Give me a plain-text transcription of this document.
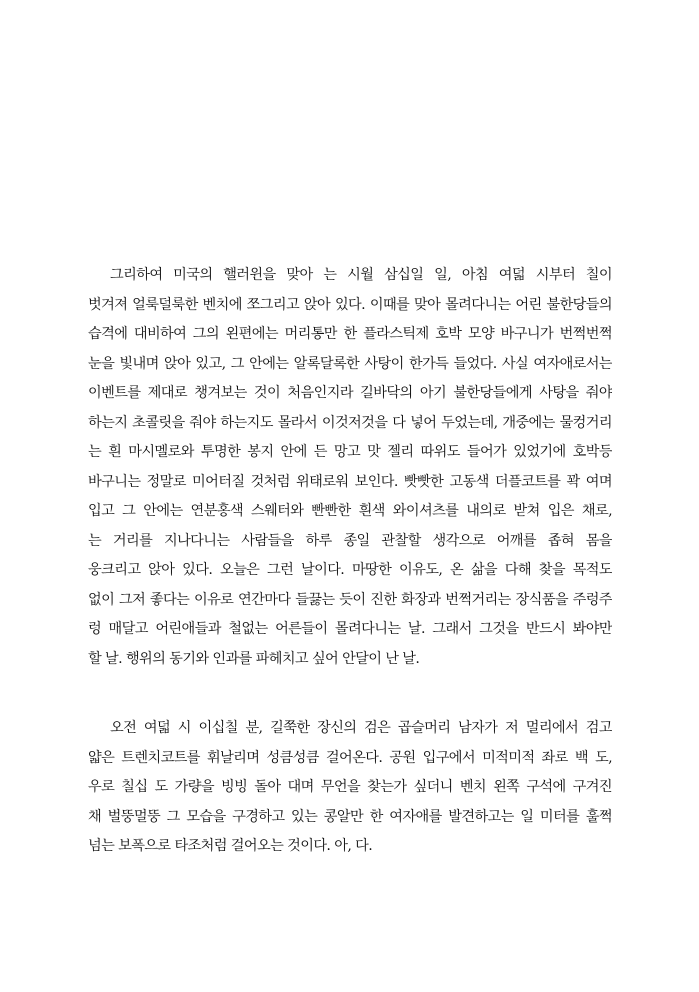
그리하여 미국의 핼러윈을 맞아 는 시월 삼십일 일, 아침 여덟 시부터 칠이
벗겨져 얼룩덜룩한 벤치에 쪼그리고 앉아 있다. 이때를 맞아 몰려다니는 어린 불한당들의
습격에 대비하여 그의 왼편에는 머리통만 한 플라스틱제 호박 모양 바구니가 번쩍번쩍
눈을 빛내며 앉아 있고, 그 안에는 알록달록한 사탕이 한가득 들었다. 사실 여자애로서는
이벤트를 제대로 챙겨보는 것이 처음인지라 길바닥의 아기 불한당들에게 사탕을 줘야
하는지 초콜릿을 줘야 하는지도 몰라서 이것저것을 다 넣어 두었는데, 개중에는 물컹거리
는 흰 마시멜로와 투명한 봉지 안에 든 망고 맛 젤리 따위도 들어가 있었기에 호박등
바구니는 정말로 미어터질 것처럼 위태로워 보인다. 빳빳한 고동색 더플코트를 꽉 여며
입고 그 안에는 연분홍색 스웨터와 빤빤한 흰색 와이셔츠를 내의로 받쳐 입은 채로,
는 거리를 지나다니는 사람들을 하루 종일 관찰할 생각으로 어깨를 좁혀 몸을
웅크리고 앉아 있다. 오늘은 그런 날이다. 마땅한 이유도, 온 삶을 다해 찾을 목적도
없이 그저 좋다는 이유로 연간마다 들끓는 듯이 진한 화장과 번쩍거리는 장식품을 주렁주
렁 매달고 어린애들과 철없는 어른들이 몰려다니는 날. 그래서 그것을 반드시 봐야만
할 날. 행위의 동기와 인과를 파헤치고 싶어 안달이 난 날.
오전 여덟 시 이십칠 분, 길쭉한 장신의 검은 곱슬머리 남자가 저 멀리에서 검고
얇은 트렌치코트를 휘날리며 성큼성큼 걸어온다. 공원 입구에서 미적미적 좌로 백 도,
우로 칠십 도 가량을 빙빙 돌아 대며 무언을 찾는가 싶더니 벤치 왼쪽 구석에 구겨진
채 벌뚱멀뚱 그 모습을 구경하고 있는 콩알만 한 여자애를 발견하고는 일 미터를 훌쩍
넘는 보폭으로 타조처럼 걸어오는 것이다. 아, 다.
